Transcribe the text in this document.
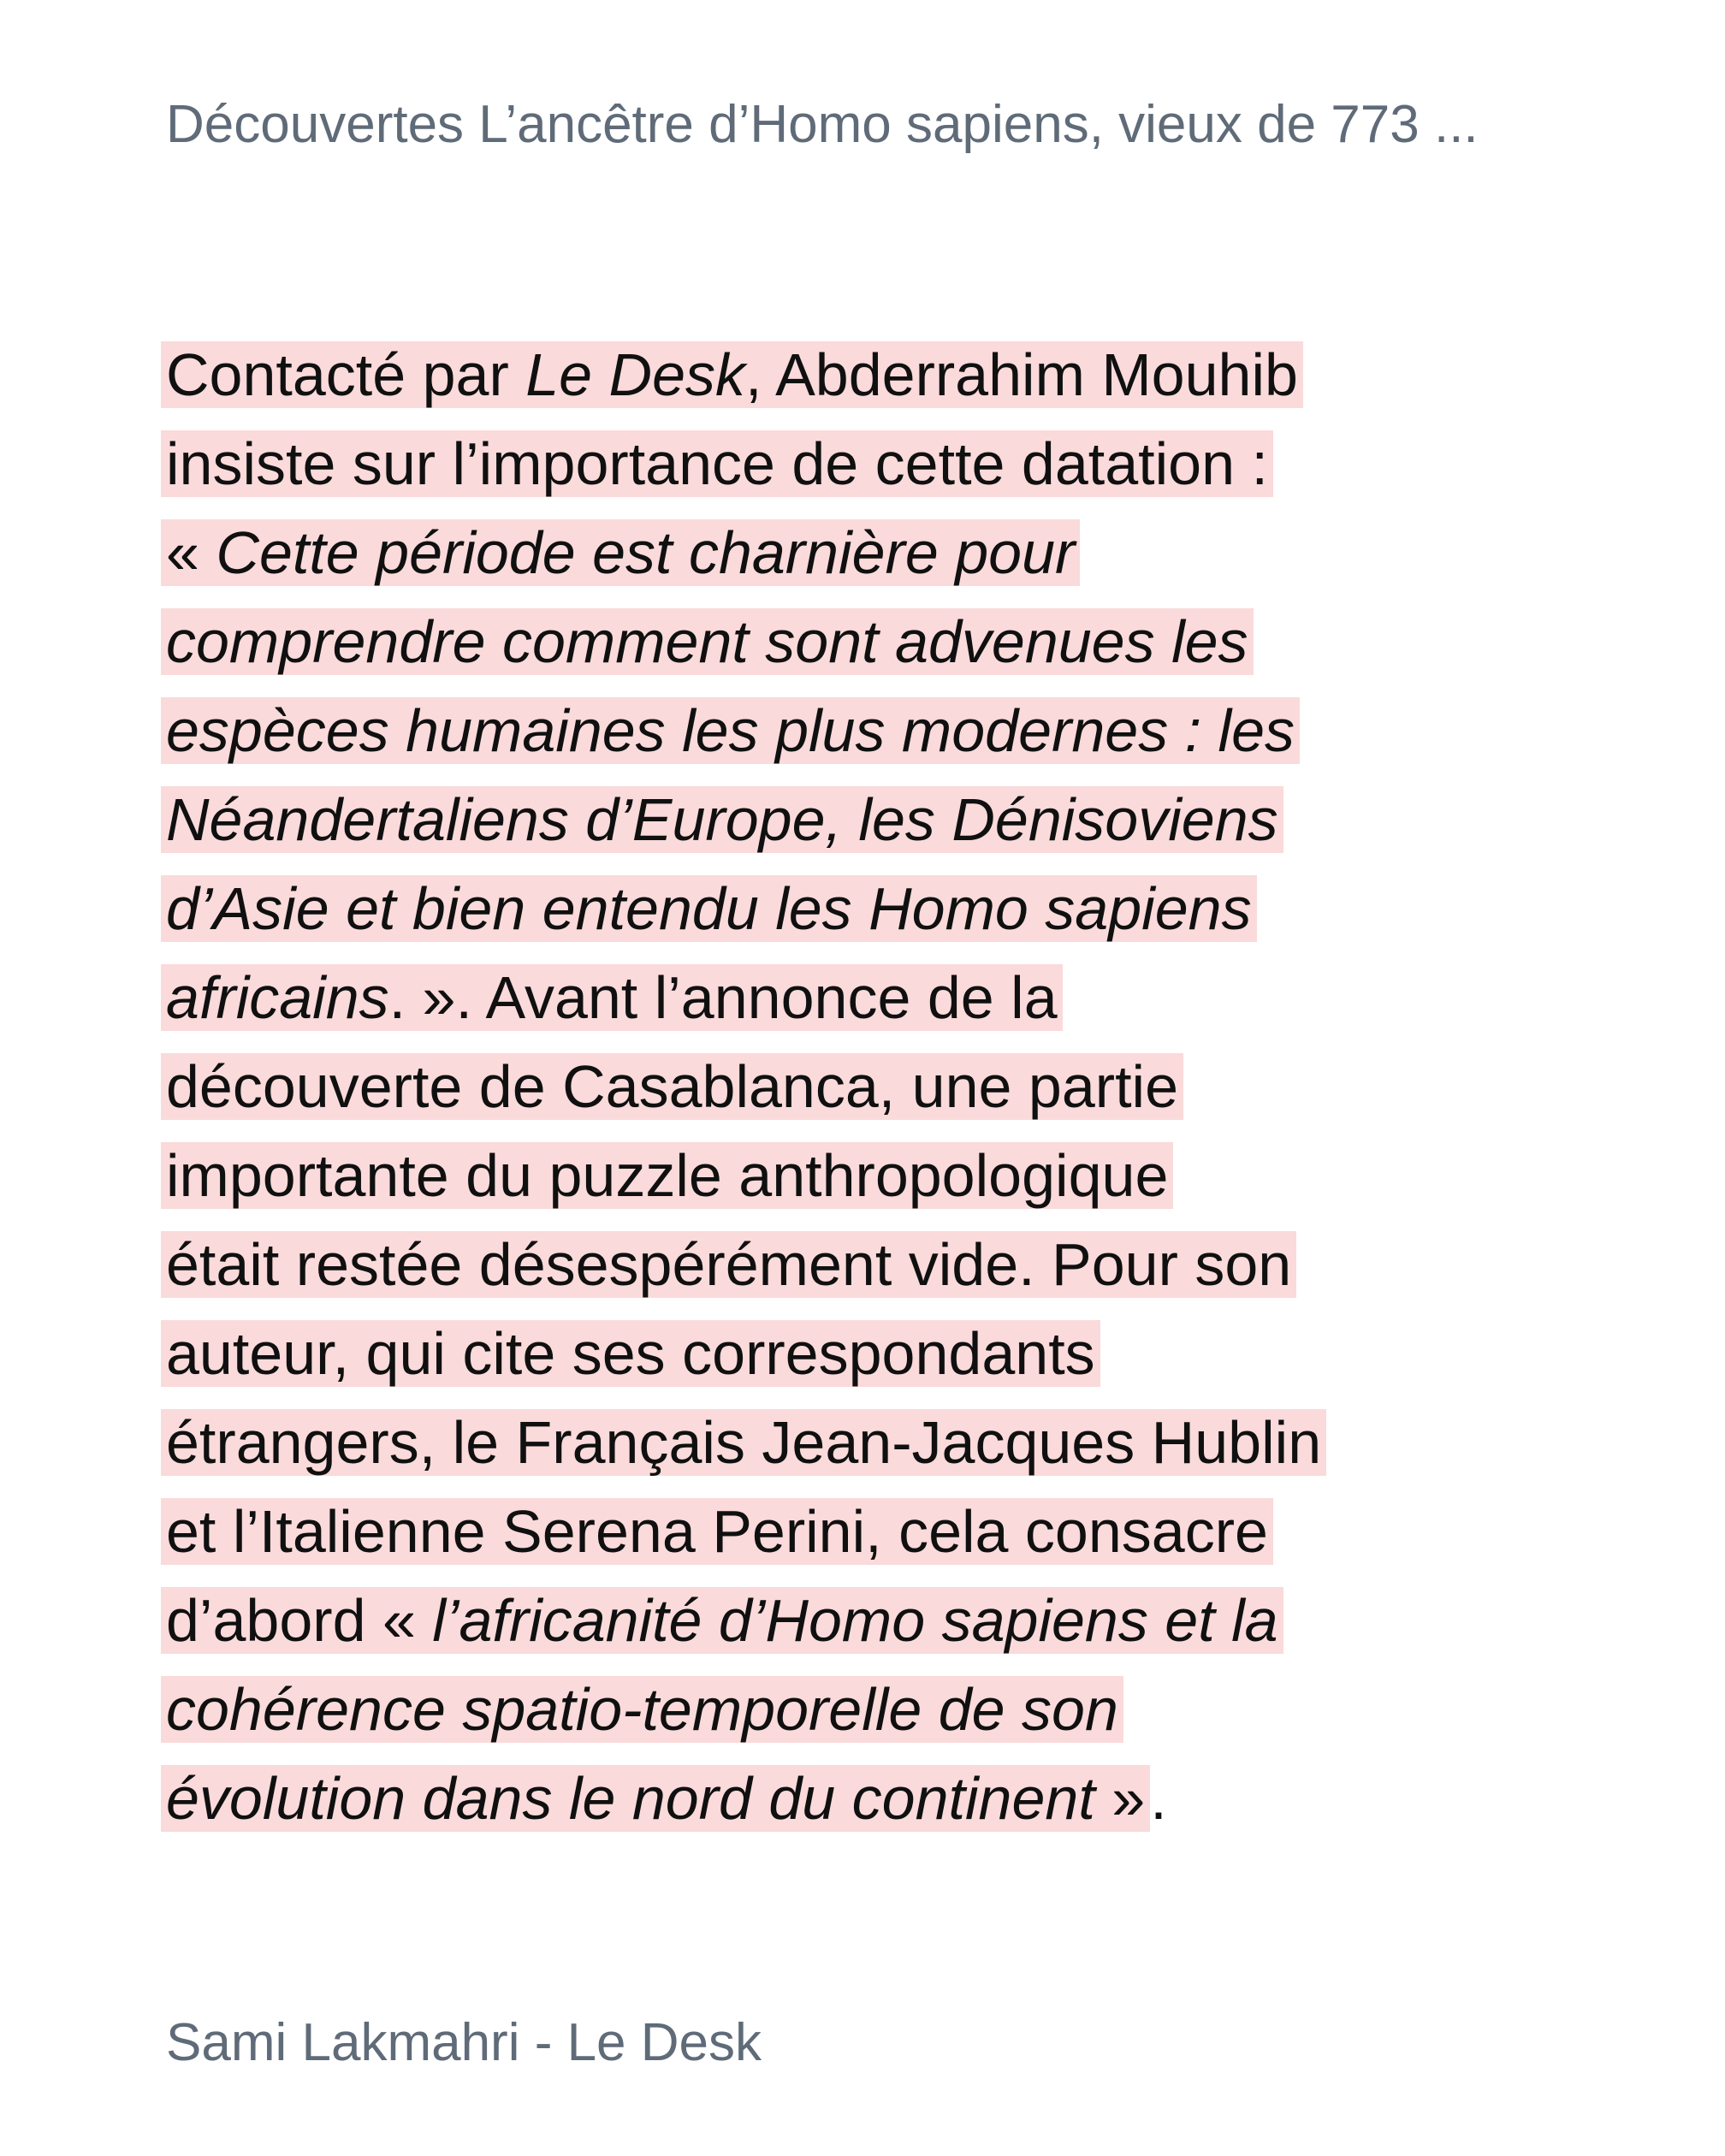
Découvertes L’ancêtre d’Homo sapiens, vieux de 773 ...
Contacté par Le Desk, Abderrahim Mouhib
insiste sur l’importance de cette datation :
« Cette période est charnière pour
comprendre comment sont advenues les
espèces humaines les plus modernes : les
Néandertaliens d’Europe, les Dénisoviens
d’Asie et bien entendu les Homo sapiens
africains. ». Avant l’annonce de la
découverte de Casablanca, une partie
importante du puzzle anthropologique
était restée désespérément vide. Pour son
auteur, qui cite ses correspondants
étrangers, le Français Jean-Jacques Hublin
et l’Italienne Serena Perini, cela consacre
d’abord « l’africanité d’Homo sapiens et la
cohérence spatio-temporelle de son
évolution dans le nord du continent ».
Sami Lakmahri - Le Desk
